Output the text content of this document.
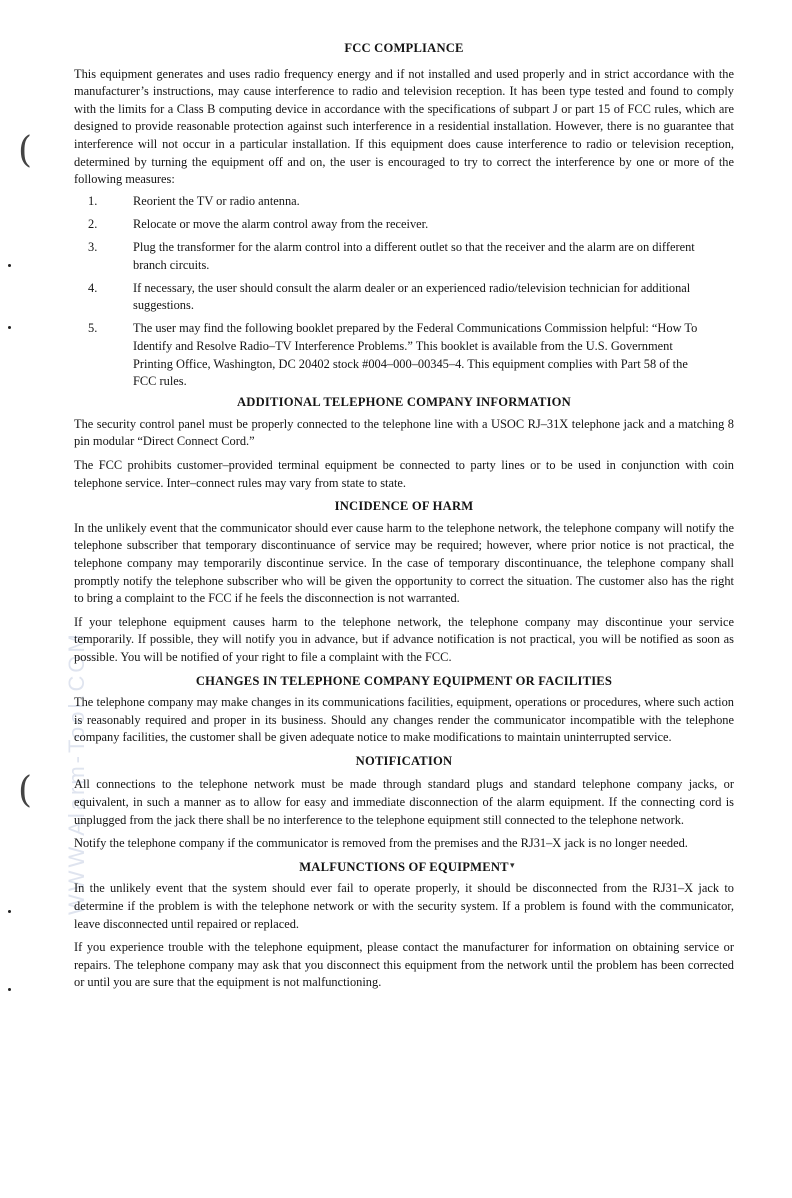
WWW.Alarm-Tool.COM
(
(
▾
FCC COMPLIANCE

This equipment generates and uses radio frequency energy and if not installed and used properly and in strict accordance with the manufacturer’s instructions, may cause interference to radio and television reception. It has been type tested and found to comply with the limits for a Class B computing device in accordance with the specifications of subpart J or part 15 of FCC rules, which are designed to provide reasonable protection against such interference in a residential installation. However, there is no guarantee that interference will not occur in a particular installation. If this equipment does cause interference to radio or television reception, determined by turning the equipment off and on, the user is encouraged to try to correct the interference by one or more of the following measures:

1.	Reorient the TV or radio antenna.
2.	Relocate or move the alarm control away from the receiver.
3.	Plug the transformer for the alarm control into a different outlet so that the receiver and the alarm are on different branch circuits.
4.	If necessary, the user should consult the alarm dealer or an experienced radio/television technician for additional suggestions.
5.	The user may find the following booklet prepared by the Federal Communications Commission helpful: “How To Identify and Resolve Radio–TV Interference Problems.” This booklet is available from the U.S. Government Printing Office, Washington, DC 20402 stock #004–000–00345–4. This equipment complies with Part 58 of the FCC rules.
ADDITIONAL TELEPHONE COMPANY INFORMATION

The security control panel must be properly connected to the telephone line with a USOC RJ–31X telephone jack and a matching 8 pin modular “Direct Connect Cord.”

The FCC prohibits customer–provided terminal equipment be connected to party lines or to be used in conjunction with coin telephone service. Inter–connect rules may vary from state to state.

INCIDENCE OF HARM

In the unlikely event that the communicator should ever cause harm to the telephone network, the telephone company will notify the telephone subscriber that temporary discontinuance of service may be required; however, where prior notice is not practical, the telephone company may temporarily discontinue service. In the case of temporary discontinuance, the telephone company shall promptly notify the telephone subscriber who will be given the opportunity to correct the situation. The customer also has the right to bring a complaint to the FCC if he feels the disconnection is not warranted.

If your telephone equipment causes harm to the telephone network, the telephone company may discontinue your service temporarily. If possible, they will notify you in advance, but if advance notification is not practical, you will be notified as soon as possible. You will be notified of your right to file a complaint with the FCC.

CHANGES IN TELEPHONE COMPANY EQUIPMENT OR FACILITIES

The telephone company may make changes in its communications facilities, equipment, operations or procedures, where such action is reasonably required and proper in its business. Should any changes render the communicator incompatible with the telephone company facilities, the customer shall be given adequate notice to make modifications to maintain uninterrupted service.

NOTIFICATION

All connections to the telephone network must be made through standard plugs and standard telephone company jacks, or equivalent, in such a manner as to allow for easy and immediate disconnection of the alarm equipment. If the connecting cord is unplugged from the jack there shall be no interference to the telephone equipment still connected to the telephone network.

Notify the telephone company if the communicator is removed from the premises and the RJ31–X jack is no longer needed.

MALFUNCTIONS OF EQUIPMENT

In the unlikely event that the system should ever fail to operate properly, it should be disconnected from the RJ31–X jack to determine if the problem is with the telephone network or with the security system. If a problem is found with the communicator, leave disconnected until repaired or replaced.

If you experience trouble with the telephone equipment, please contact the manufacturer for information on obtaining service or repairs. The telephone company may ask that you disconnect this equipment from the network until the problem has been corrected or until you are sure that the equipment is not malfunctioning.
